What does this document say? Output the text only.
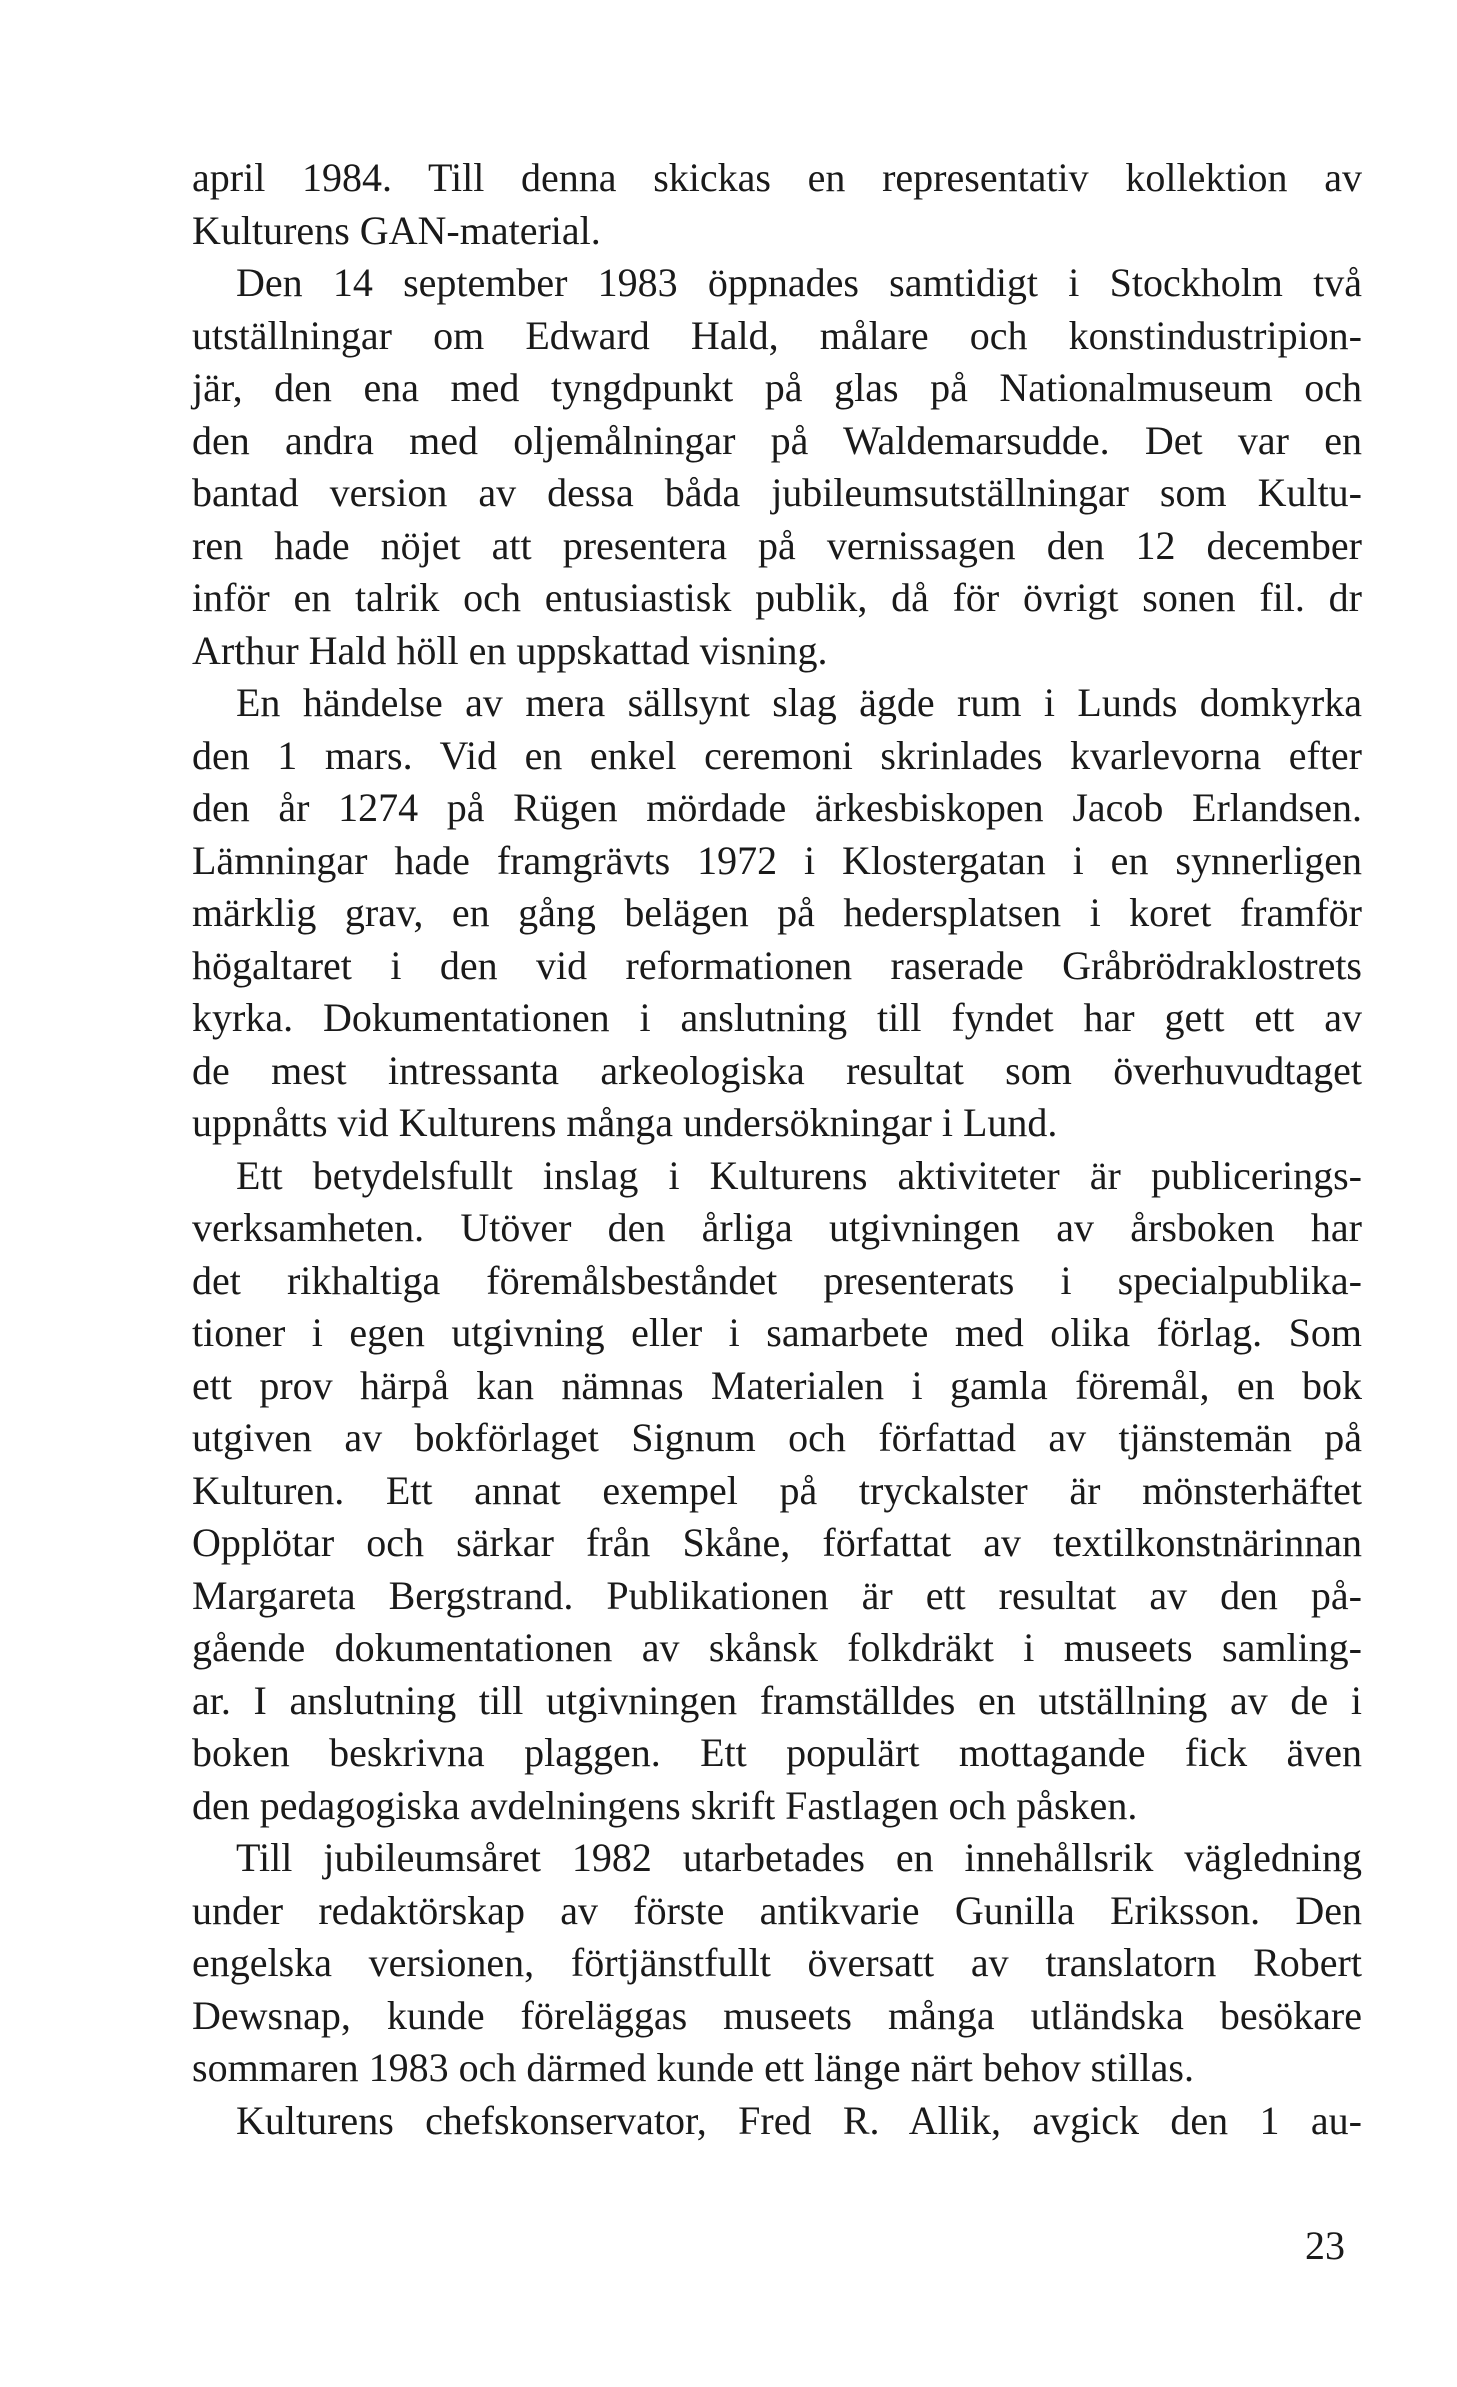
april 1984. Till denna skickas en representativ kollektion av
Kulturens GAN-material.
Den 14 september 1983 öppnades samtidigt i Stockholm två
utställningar om Edward Hald, målare och konstindustripion-
jär, den ena med tyngdpunkt på glas på Nationalmuseum och
den andra med oljemålningar på Waldemarsudde. Det var en
bantad version av dessa båda jubileumsutställningar som Kultu-
ren hade nöjet att presentera på vernissagen den 12 december
inför en talrik och entusiastisk publik, då för övrigt sonen fil. dr
Arthur Hald höll en uppskattad visning.
En händelse av mera sällsynt slag ägde rum i Lunds domkyrka
den 1 mars. Vid en enkel ceremoni skrinlades kvarlevorna efter
den år 1274 på Rügen mördade ärkesbiskopen Jacob Erlandsen.
Lämningar hade framgrävts 1972 i Klostergatan i en synnerligen
märklig grav, en gång belägen på hedersplatsen i koret framför
högaltaret i den vid reformationen raserade Gråbrödraklostrets
kyrka. Dokumentationen i anslutning till fyndet har gett ett av
de mest intressanta arkeologiska resultat som överhuvudtaget
uppnåtts vid Kulturens många undersökningar i Lund.
Ett betydelsfullt inslag i Kulturens aktiviteter är publicerings-
verksamheten. Utöver den årliga utgivningen av årsboken har
det rikhaltiga föremålsbeståndet presenterats i specialpublika-
tioner i egen utgivning eller i samarbete med olika förlag. Som
ett prov härpå kan nämnas Materialen i gamla föremål, en bok
utgiven av bokförlaget Signum och författad av tjänstemän på
Kulturen. Ett annat exempel på tryckalster är mönsterhäftet
Opplötar och särkar från Skåne, författat av textilkonstnärinnan
Margareta Bergstrand. Publikationen är ett resultat av den på-
gående dokumentationen av skånsk folkdräkt i museets samling-
ar. I anslutning till utgivningen framställdes en utställning av de i
boken beskrivna plaggen. Ett populärt mottagande fick även
den pedagogiska avdelningens skrift Fastlagen och påsken.
Till jubileumsåret 1982 utarbetades en innehållsrik vägledning
under redaktörskap av förste antikvarie Gunilla Eriksson. Den
engelska versionen, förtjänstfullt översatt av translatorn Robert
Dewsnap, kunde föreläggas museets många utländska besökare
sommaren 1983 och därmed kunde ett länge närt behov stillas.
Kulturens chefskonservator, Fred R. Allik, avgick den 1 au-
23
